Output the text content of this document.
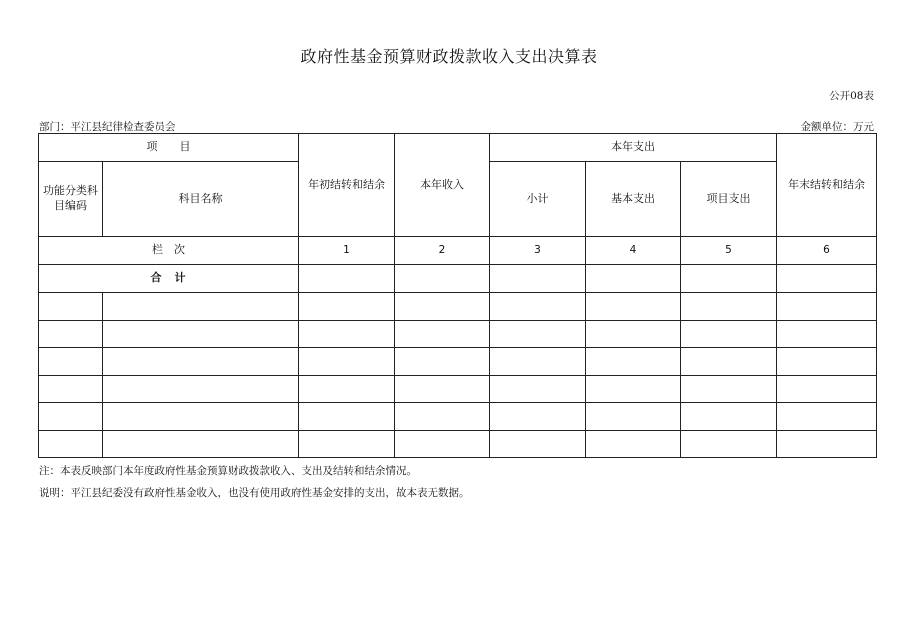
政府性基金预算财政拨款收入支出决算表
公开08表
部门：平江县纪律检查委员会	金额单位：万元
项　　目		年初结转和结余	本年收入	本年支出			年末结转和结余
功能分类科目编码	科目名称			小计	基本支出	项目支出	
栏　次		1	2	3	4	5	6
合　计							

注：本表反映部门本年度政府性基金预算财政拨款收入、支出及结转和结余情况。
说明：平江县纪委没有政府性基金收入，也没有使用政府性基金安排的支出，故本表无数据。
